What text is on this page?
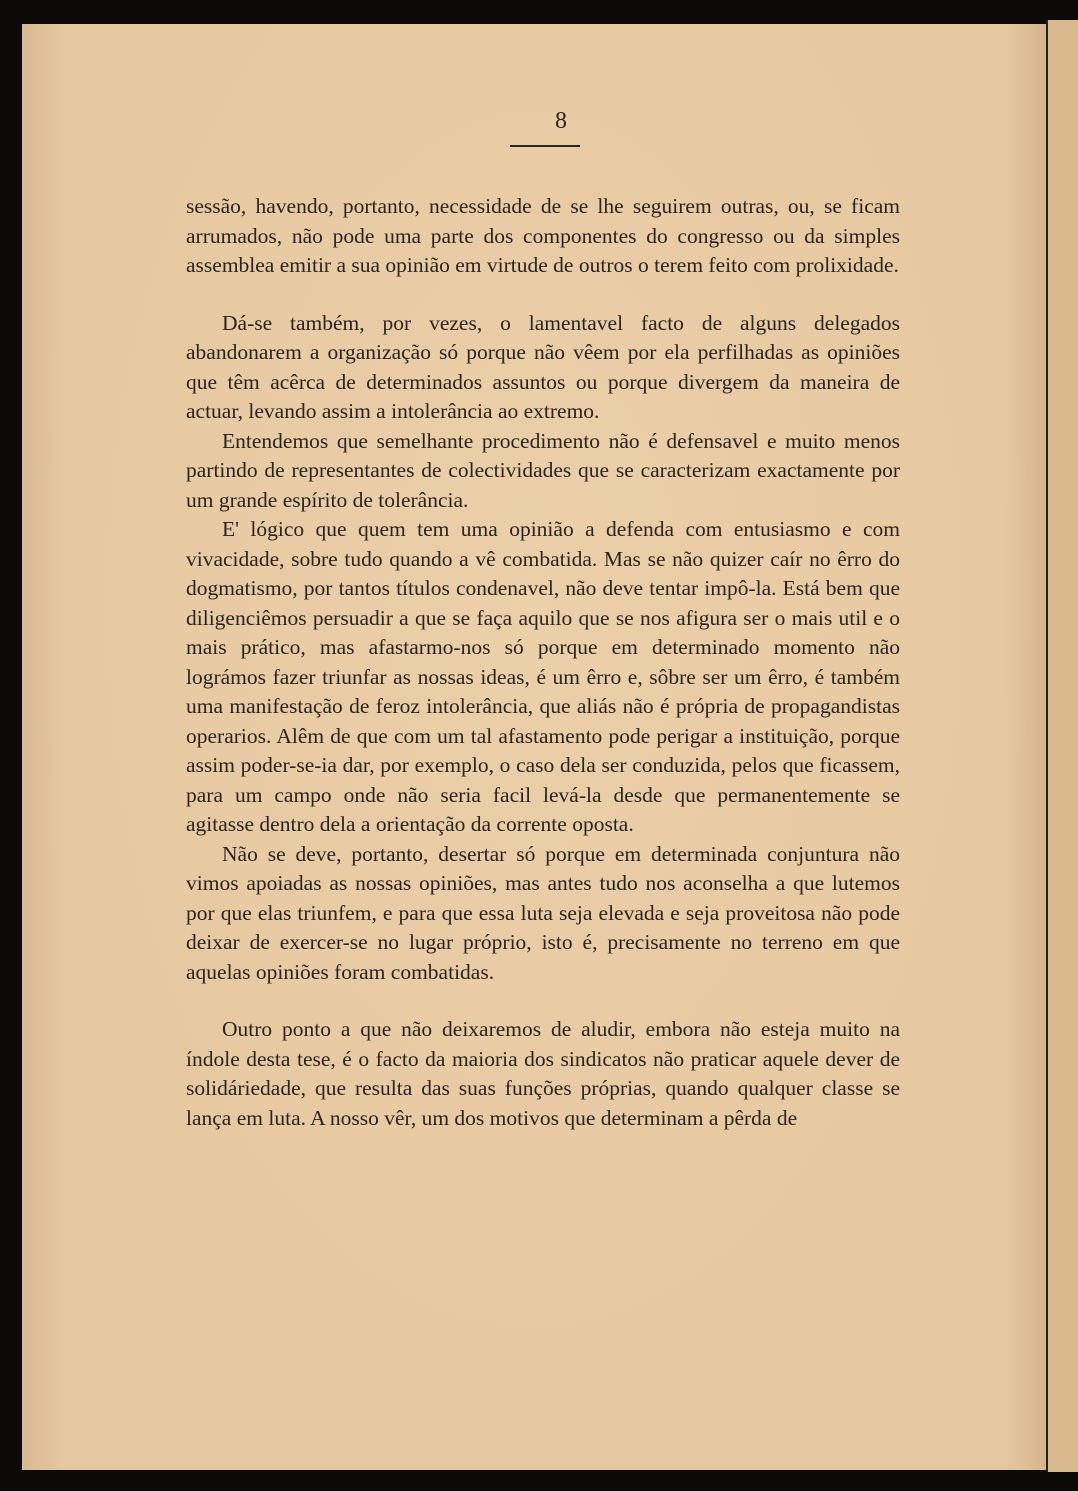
8

sessão, havendo, portanto, necessidade de se lhe seguirem outras, ou, se ficam arrumados, não pode uma parte dos componentes do congresso ou da simples assemblea emitir a sua opinião em virtude de outros o terem feito com prolixidade.

Dá-se também, por vezes, o lamentavel facto de alguns delegados abandonarem a organização só porque não vêem por ela perfilhadas as opiniões que têm acêrca de determinados assuntos ou porque divergem da maneira de actuar, levando assim a intolerância ao extremo.

Entendemos que semelhante procedimento não é defensavel e muito menos partindo de representantes de colectividades que se caracterizam exactamente por um grande espírito de tolerância.

E' lógico que quem tem uma opinião a defenda com entusiasmo e com vivacidade, sobre tudo quando a vê combatida. Mas se não quizer caír no êrro do dogmatismo, por tantos títulos condenavel, não deve tentar impô-la. Está bem que diligenciêmos persuadir a que se faça aquilo que se nos afigura ser o mais util e o mais prático, mas afastarmo-nos só porque em determinado momento não lográmos fazer triunfar as nossas ideas, é um êrro e, sôbre ser um êrro, é também uma manifestação de feroz intolerância, que aliás não é própria de propagandistas operarios. Alêm de que com um tal afastamento pode perigar a instituição, porque assim poder-se-ia dar, por exemplo, o caso dela ser conduzida, pelos que ficassem, para um campo onde não seria facil levá-la desde que permanentemente se agitasse dentro dela a orientação da corrente oposta.

Não se deve, portanto, desertar só porque em determinada conjuntura não vimos apoiadas as nossas opiniões, mas antes tudo nos aconselha a que lutemos por que elas triunfem, e para que essa luta seja elevada e seja proveitosa não pode deixar de exercer-se no lugar próprio, isto é, precisamente no terreno em que aquelas opiniões foram combatidas.

Outro ponto a que não deixaremos de aludir, embora não esteja muito na índole desta tese, é o facto da maioria dos sindicatos não praticar aquele dever de solidáriedade, que resulta das suas funções próprias, quando qualquer classe se lança em luta. A nosso vêr, um dos motivos que determinam a pêrda de
